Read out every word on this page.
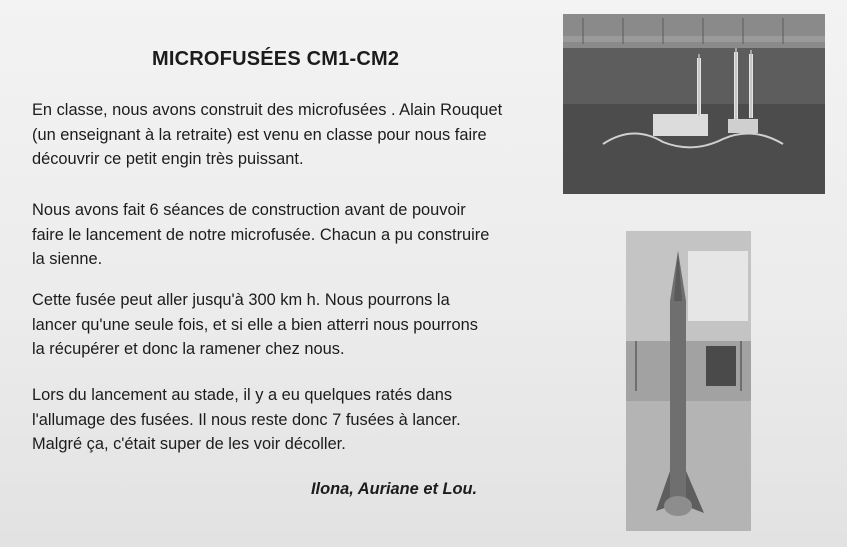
MICROFUSÉES CM1-CM2

En classe, nous avons construit des microfusées . Alain Rouquet
(un enseignant à la retraite) est venu en classe pour nous faire
découvrir ce petit engin très puissant.

Nous avons fait 6 séances de construction avant de pouvoir
faire le lancement de notre microfusée. Chacun a pu construire
la sienne.

Cette fusée peut aller jusqu'à 300 km h. Nous pourrons la
lancer qu'une seule fois, et si elle a bien atterri nous pourrons
la récupérer et donc la ramener chez nous.

Lors du lancement au stade, il y a eu quelques ratés dans
l'allumage des fusées. Il nous reste donc 7 fusées à lancer.
Malgré ça, c'était super de les voir décoller.

Ilona, Auriane et Lou.
